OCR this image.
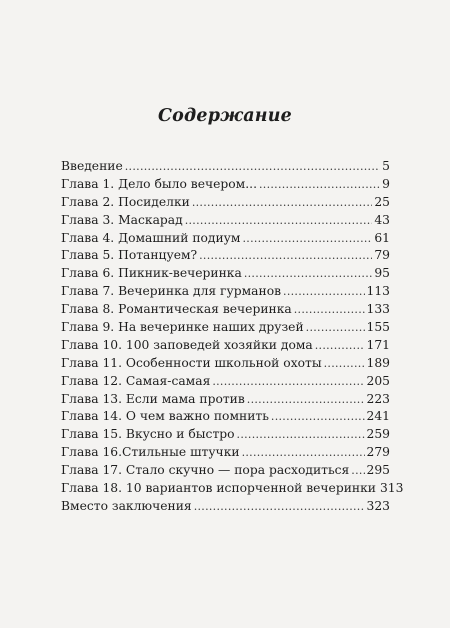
Содержание
Введение . . .	5
Глава 1. Дело было вечером... . . .	9
Глава 2. Посиделки . . .	25
Глава 3. Маскарад . . .	43
Глава 4. Домашний подиум . . .	61
Глава 5. Потанцуем? . . .	79
Глава 6. Пикник-вечеринка . . .	95
Глава 7. Вечеринка для гурманов . . .	113
Глава 8. Романтическая вечеринка . . .	133
Глава 9. На вечеринке наших друзей . . .	155
Глава 10. 100 заповедей хозяйки дома . . .	171
Глава 11. Особенности школьной охоты . . .	189
Глава 12. Самая-самая . . .	205
Глава 13. Если мама против . . .	223
Глава 14. О чем важно помнить . . .	241
Глава 15. Вкусно и быстро . . .	259
Глава 16.Стильные штучки . . .	279
Глава 17. Стало скучно — пора расходиться . . . 295
Глава 18. 10 вариантов испорченной вечеринки 313
Вместо заключения . . .	323
